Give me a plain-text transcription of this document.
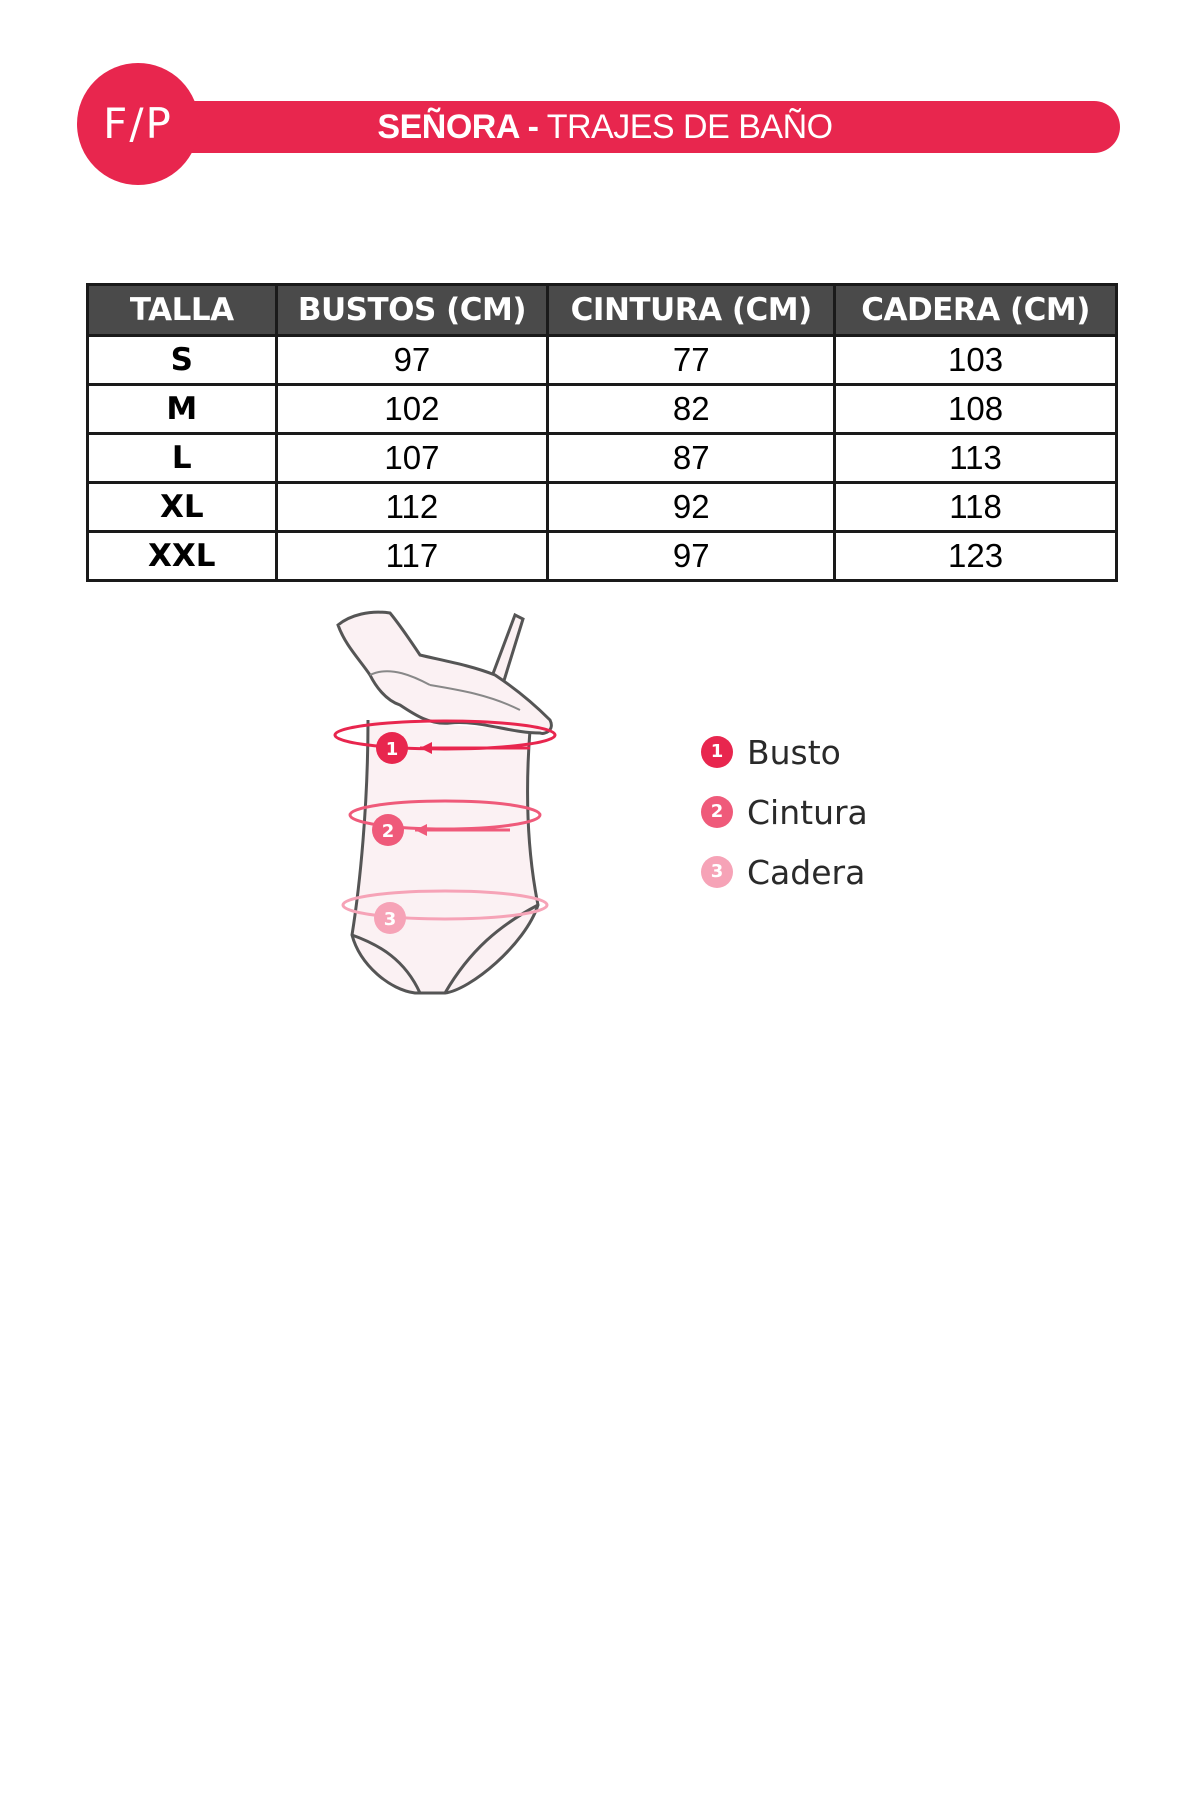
SEÑORA - TRAJES DE BAÑO
F/P
TALLA	BUSTOS (CM)	CINTURA (CM)	CADERA (CM)
S	97	77	103
M	102	82	108
L	107	87	113
XL	112	92	118
XXL	117	97	123
1
2
3
1 Busto
2 Cintura
3 Cadera
